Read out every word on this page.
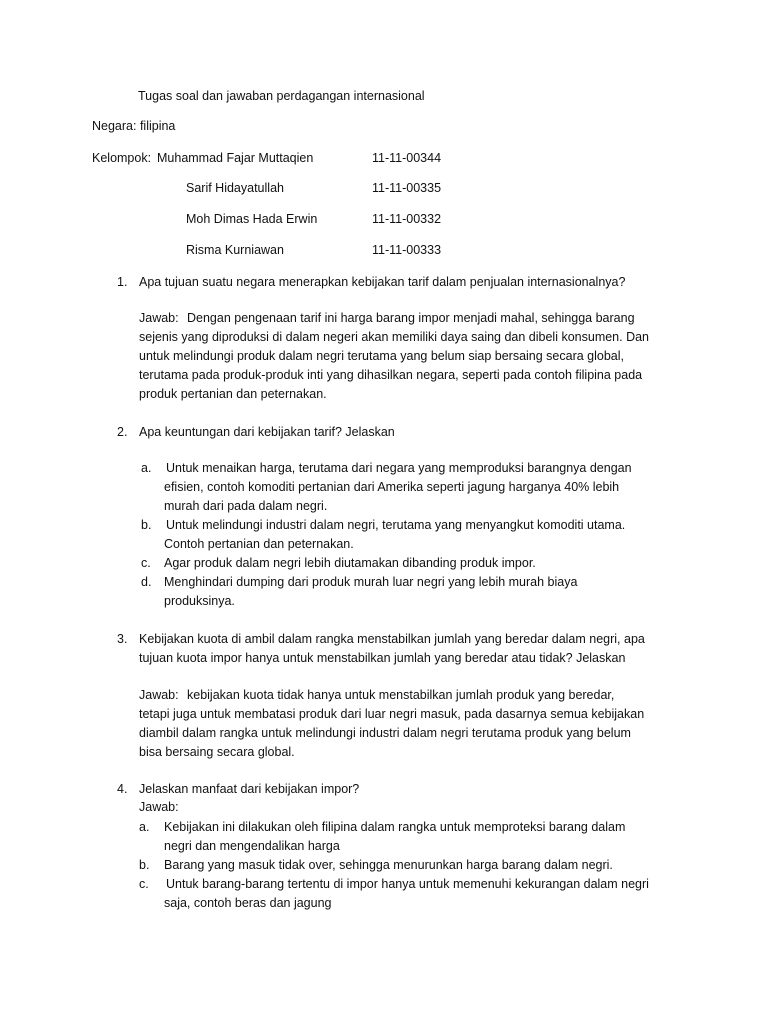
Tugas soal dan jawaban perdagangan internasional
Negara: filipina
Kelompok: Muhammad Fajar Muttaqien	11-11-00344
Sarif Hidayatullah	11-11-00335
Moh Dimas Hada Erwin	11-11-00332
Risma Kurniawan	11-11-00333
1. Apa tujuan suatu negara menerapkan kebijakan tarif dalam penjualan internasionalnya?
Jawab: Dengan pengenaan tarif ini harga barang impor menjadi mahal, sehingga barang
sejenis yang diproduksi di dalam negeri akan memiliki daya saing dan dibeli konsumen. Dan
untuk melindungi produk dalam negri terutama yang belum siap bersaing secara global,
terutama pada produk-produk inti yang dihasilkan negara, seperti pada contoh filipina pada
produk pertanian dan peternakan.
2. Apa keuntungan dari kebijakan tarif? Jelaskan
a. Untuk menaikan harga, terutama dari negara yang memproduksi barangnya dengan
efisien, contoh komoditi pertanian dari Amerika seperti jagung harganya 40% lebih
murah dari pada dalam negri.
b. Untuk melindungi industri dalam negri, terutama yang menyangkut komoditi utama.
Contoh pertanian dan peternakan.
c. Agar produk dalam negri lebih diutamakan dibanding produk impor.
d. Menghindari dumping dari produk murah luar negri yang lebih murah biaya
produksinya.
3. Kebijakan kuota di ambil dalam rangka menstabilkan jumlah yang beredar dalam negri, apa
tujuan kuota impor hanya untuk menstabilkan jumlah yang beredar atau tidak? Jelaskan
Jawab: kebijakan kuota tidak hanya untuk menstabilkan jumlah produk yang beredar,
tetapi juga untuk membatasi produk dari luar negri masuk, pada dasarnya semua kebijakan
diambil dalam rangka untuk melindungi industri dalam negri terutama produk yang belum
bisa bersaing secara global.
4. Jelaskan manfaat dari kebijakan impor?
Jawab:
a. Kebijakan ini dilakukan oleh filipina dalam rangka untuk memproteksi barang dalam
negri dan mengendalikan harga
b. Barang yang masuk tidak over, sehingga menurunkan harga barang dalam negri.
c. Untuk barang-barang tertentu di impor hanya untuk memenuhi kekurangan dalam negri
saja, contoh beras dan jagung
